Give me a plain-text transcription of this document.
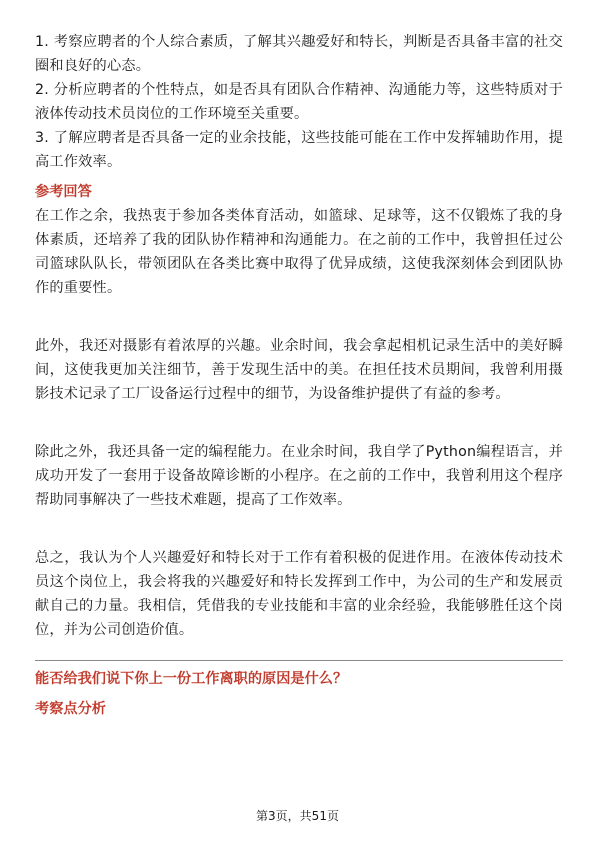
1. 考察应聘者的个人综合素质，了解其兴趣爱好和特长，判断是否具备丰富的社交圈和良好的心态。

2. 分析应聘者的个性特点，如是否具有团队合作精神、沟通能力等，这些特质对于液体传动技术员岗位的工作环境至关重要。

3. 了解应聘者是否具备一定的业余技能，这些技能可能在工作中发挥辅助作用，提高工作效率。

参考回答

在工作之余，我热衷于参加各类体育活动，如篮球、足球等，这不仅锻炼了我的身体素质，还培养了我的团队协作精神和沟通能力。在之前的工作中，我曾担任过公司篮球队队长，带领团队在各类比赛中取得了优异成绩，这使我深刻体会到团队协作的重要性。

此外，我还对摄影有着浓厚的兴趣。业余时间，我会拿起相机记录生活中的美好瞬间，这使我更加关注细节，善于发现生活中的美。在担任技术员期间，我曾利用摄影技术记录了工厂设备运行过程中的细节，为设备维护提供了有益的参考。

除此之外，我还具备一定的编程能力。在业余时间，我自学了Python编程语言，并成功开发了一套用于设备故障诊断的小程序。在之前的工作中，我曾利用这个程序帮助同事解决了一些技术难题，提高了工作效率。

总之，我认为个人兴趣爱好和特长对于工作有着积极的促进作用。在液体传动技术员这个岗位上，我会将我的兴趣爱好和特长发挥到工作中，为公司的生产和发展贡献自己的力量。我相信，凭借我的专业技能和丰富的业余经验，我能够胜任这个岗位，并为公司创造价值。

能否给我们说下你上一份工作离职的原因是什么？

考察点分析

第3页，共51页
